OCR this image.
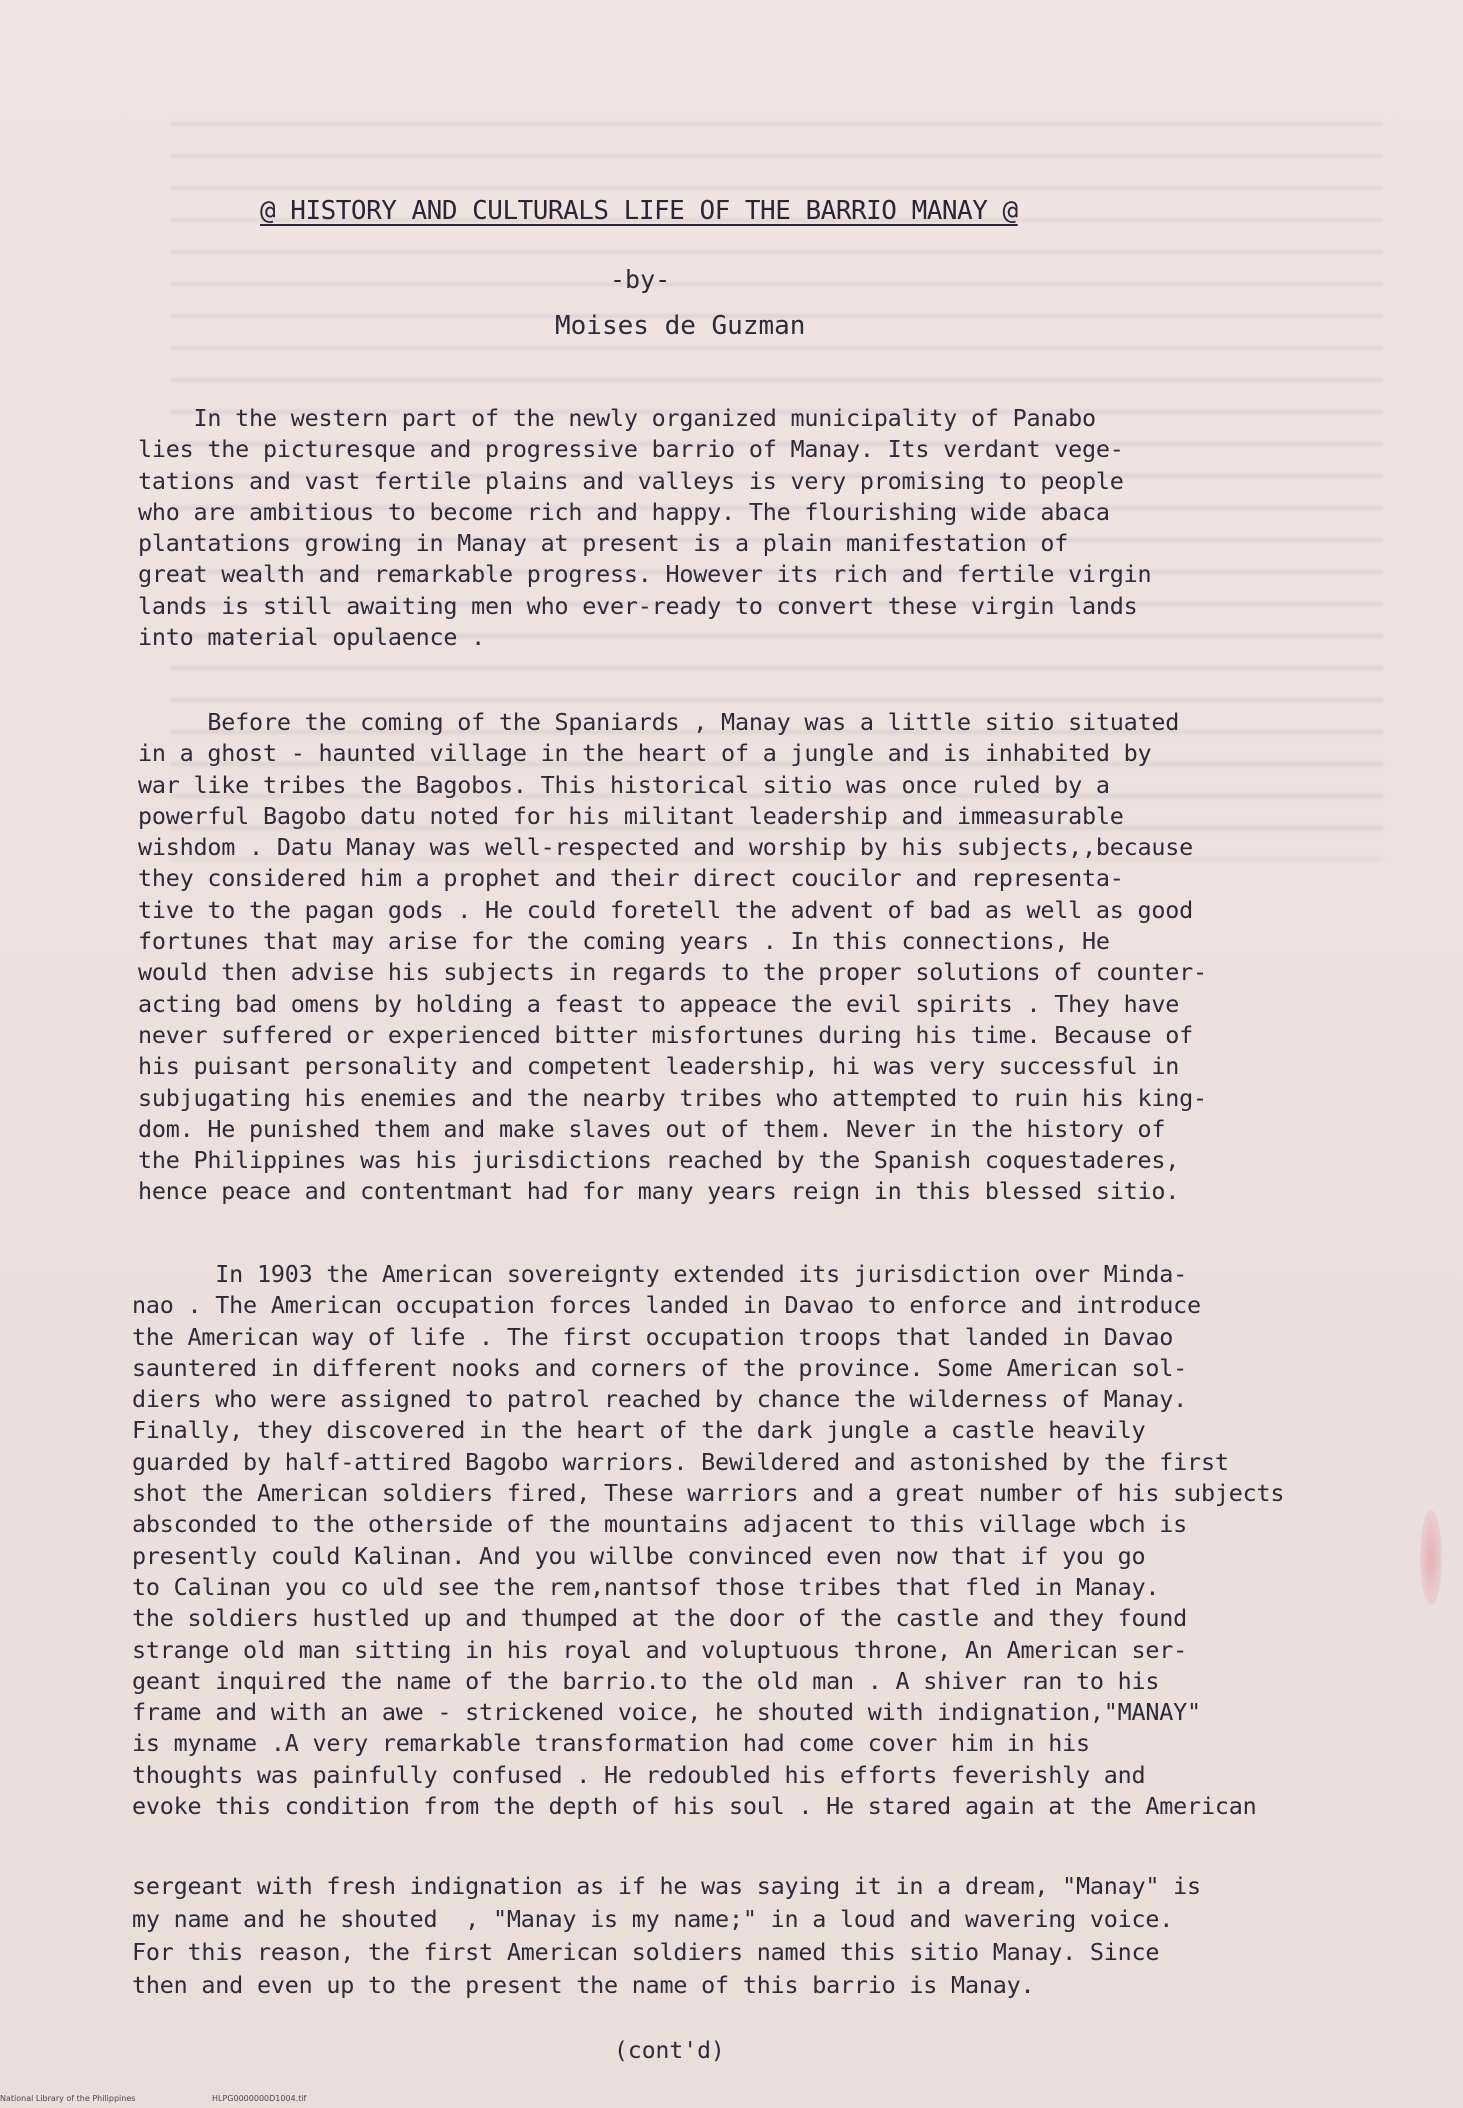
@ HISTORY AND CULTURALS LIFE OF THE BARRIO MANAY @
-by-
Moises de Guzman
In the western part of the newly organized municipality of Panabo
lies the picturesque and progressive barrio of Manay. Its verdant vege-
tations and vast fertile plains and valleys is very promising to people
who are ambitious to become rich and happy. The flourishing wide abaca
plantations growing in Manay at present is a plain manifestation of
great wealth and remarkable progress. However its rich and fertile virgin
lands is still awaiting men who ever-ready to convert these virgin lands
into material opulaence .
Before the coming of the Spaniards , Manay was a little sitio situated
in a ghost - haunted village in the heart of a jungle and is inhabited by
war like tribes the Bagobos. This historical sitio was once ruled by a
powerful Bagobo datu noted for his militant leadership and immeasurable
wishdom . Datu Manay was well-respected and worship by his subjects,,because
they considered him a prophet and their direct coucilor and representa-
tive to the pagan gods . He could foretell the advent of bad as well as good
fortunes that may arise for the coming years . In this connections, He
would then advise his subjects in regards to the proper solutions of counter-
acting bad omens by holding a feast to appeace the evil spirits . They have
never suffered or experienced bitter misfortunes during his time. Because of
his puisant personality and competent leadership, hi was very successful in
subjugating his enemies and the nearby tribes who attempted to ruin his king-
dom. He punished them and make slaves out of them. Never in the history of
the Philippines was his jurisdictions reached by the Spanish coquestaderes,
hence peace and contentmant had for many years reign in this blessed sitio.
In 1903 the American sovereignty extended its jurisdiction over Minda-
nao . The American occupation forces landed in Davao to enforce and introduce
the American way of life . The first occupation troops that landed in Davao
sauntered in different nooks and corners of the province. Some American sol-
diers who were assigned to patrol reached by chance the wilderness of Manay.
Finally, they discovered in the heart of the dark jungle a castle heavily
guarded by half-attired Bagobo warriors. Bewildered and astonished by the first
shot the American soldiers fired, These warriors and a great number of his subjects
absconded to the otherside of the mountains adjacent to this village wbch is
presently could Kalinan. And you willbe convinced even now that if you go
to Calinan you co uld see the rem,nantsof those tribes that fled in Manay.
the soldiers hustled up and thumped at the door of the castle and they found
strange old man sitting in his royal and voluptuous throne, An American ser-
geant inquired the name of the barrio.to the old man . A shiver ran to his
frame and with an awe - strickened voice, he shouted with indignation,"MANAY"
is myname .A very remarkable transformation had come cover him in his
thoughts was painfully confused . He redoubled his efforts feverishly and
evoke this condition from the depth of his soul . He stared again at the American
sergeant with fresh indignation as if he was saying it in a dream, "Manay" is
my name and he shouted  , "Manay is my name;" in a loud and wavering voice.
For this reason, the first American soldiers named this sitio Manay. Since
then and even up to the present the name of this barrio is Manay.
(cont'd)
National Library of the Philippines	HLPG0000000D1004.tif
